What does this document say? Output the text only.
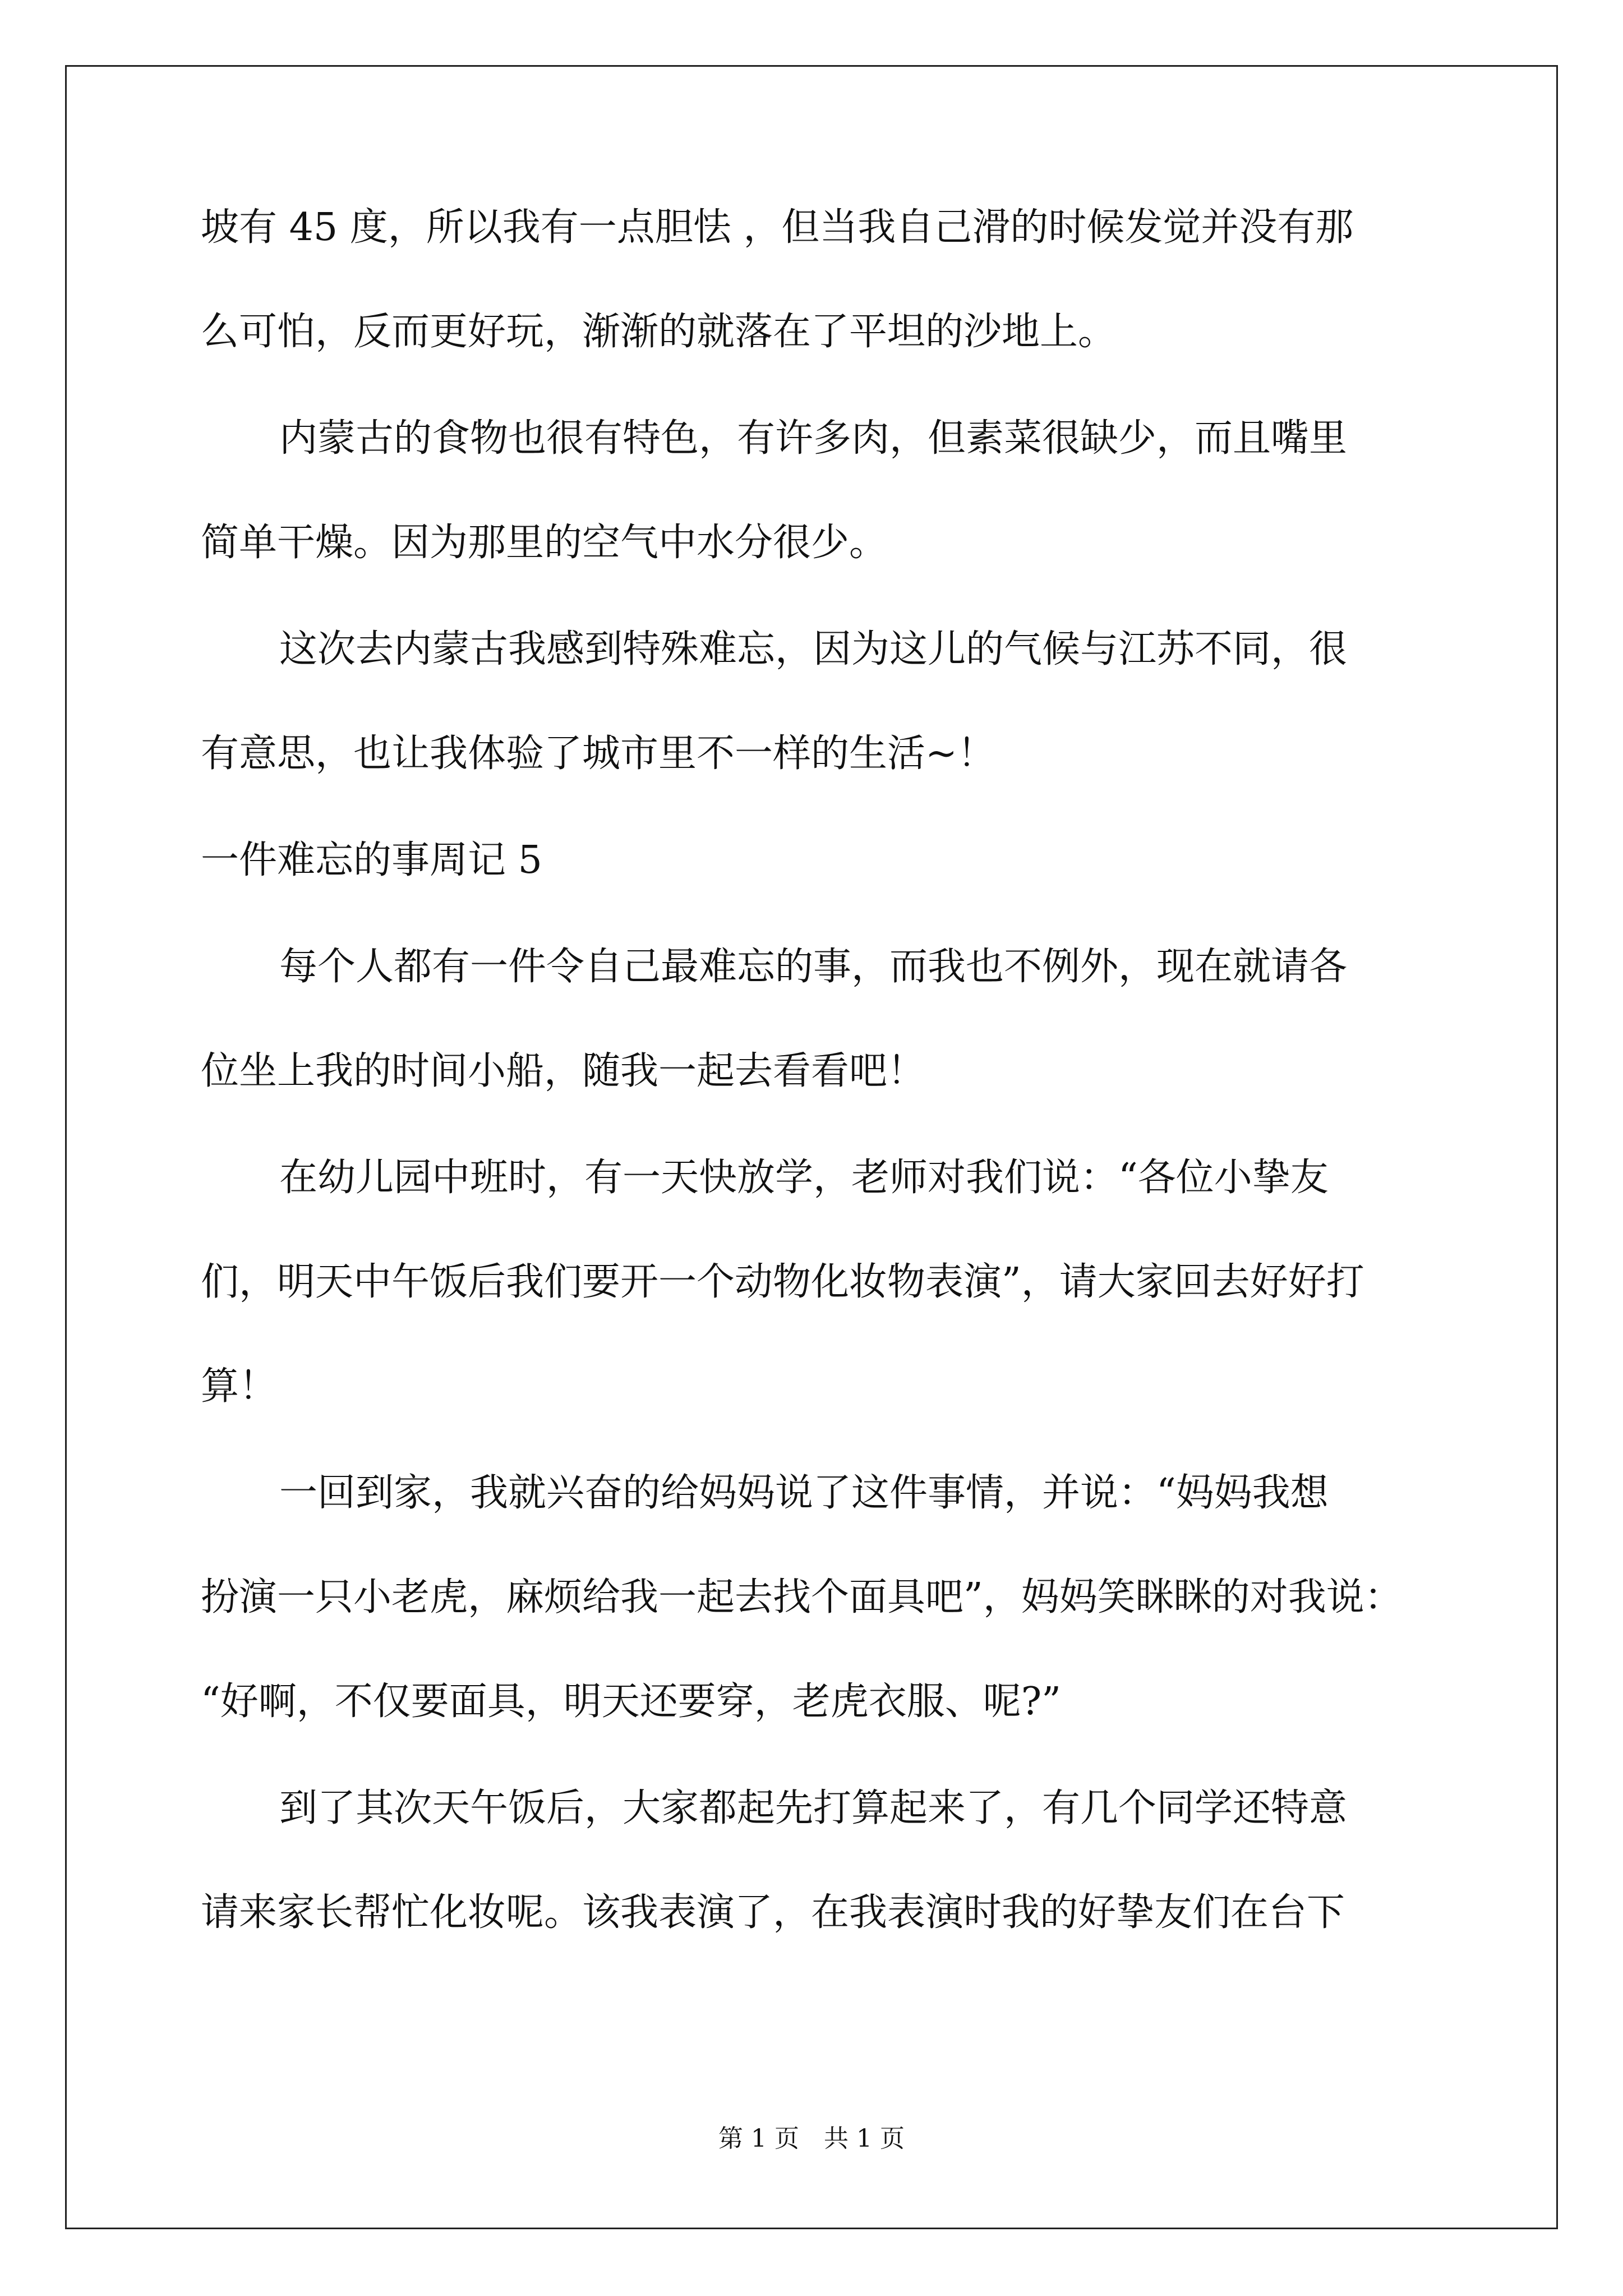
坡有 45 度，所以我有一点胆怯 ，但当我自己滑的时候发觉并没有那

么可怕，反而更好玩，渐渐的就落在了平坦的沙地上。

内蒙古的食物也很有特色，有许多肉，但素菜很缺少，而且嘴里

简单干燥。因为那里的空气中水分很少。

这次去内蒙古我感到特殊难忘，因为这儿的气候与江苏不同，很

有意思，也让我体验了城市里不一样的生活~！

一件难忘的事周记 5

每个人都有一件令自己最难忘的事，而我也不例外，现在就请各

位坐上我的时间小船，随我一起去看看吧！

在幼儿园中班时，有一天快放学，老师对我们说：“各位小挚友

们，明天中午饭后我们要开一个动物化妆物表演”，请大家回去好好打

算！

一回到家，我就兴奋的给妈妈说了这件事情，并说：“妈妈我想

扮演一只小老虎，麻烦给我一起去找个面具吧”，妈妈笑眯眯的对我说：

“好啊，不仅要面具，明天还要穿，老虎衣服、呢?”

到了其次天午饭后，大家都起先打算起来了，有几个同学还特意

请来家长帮忙化妆呢。该我表演了，在我表演时我的好挚友们在台下

第 1 页　共 1 页
